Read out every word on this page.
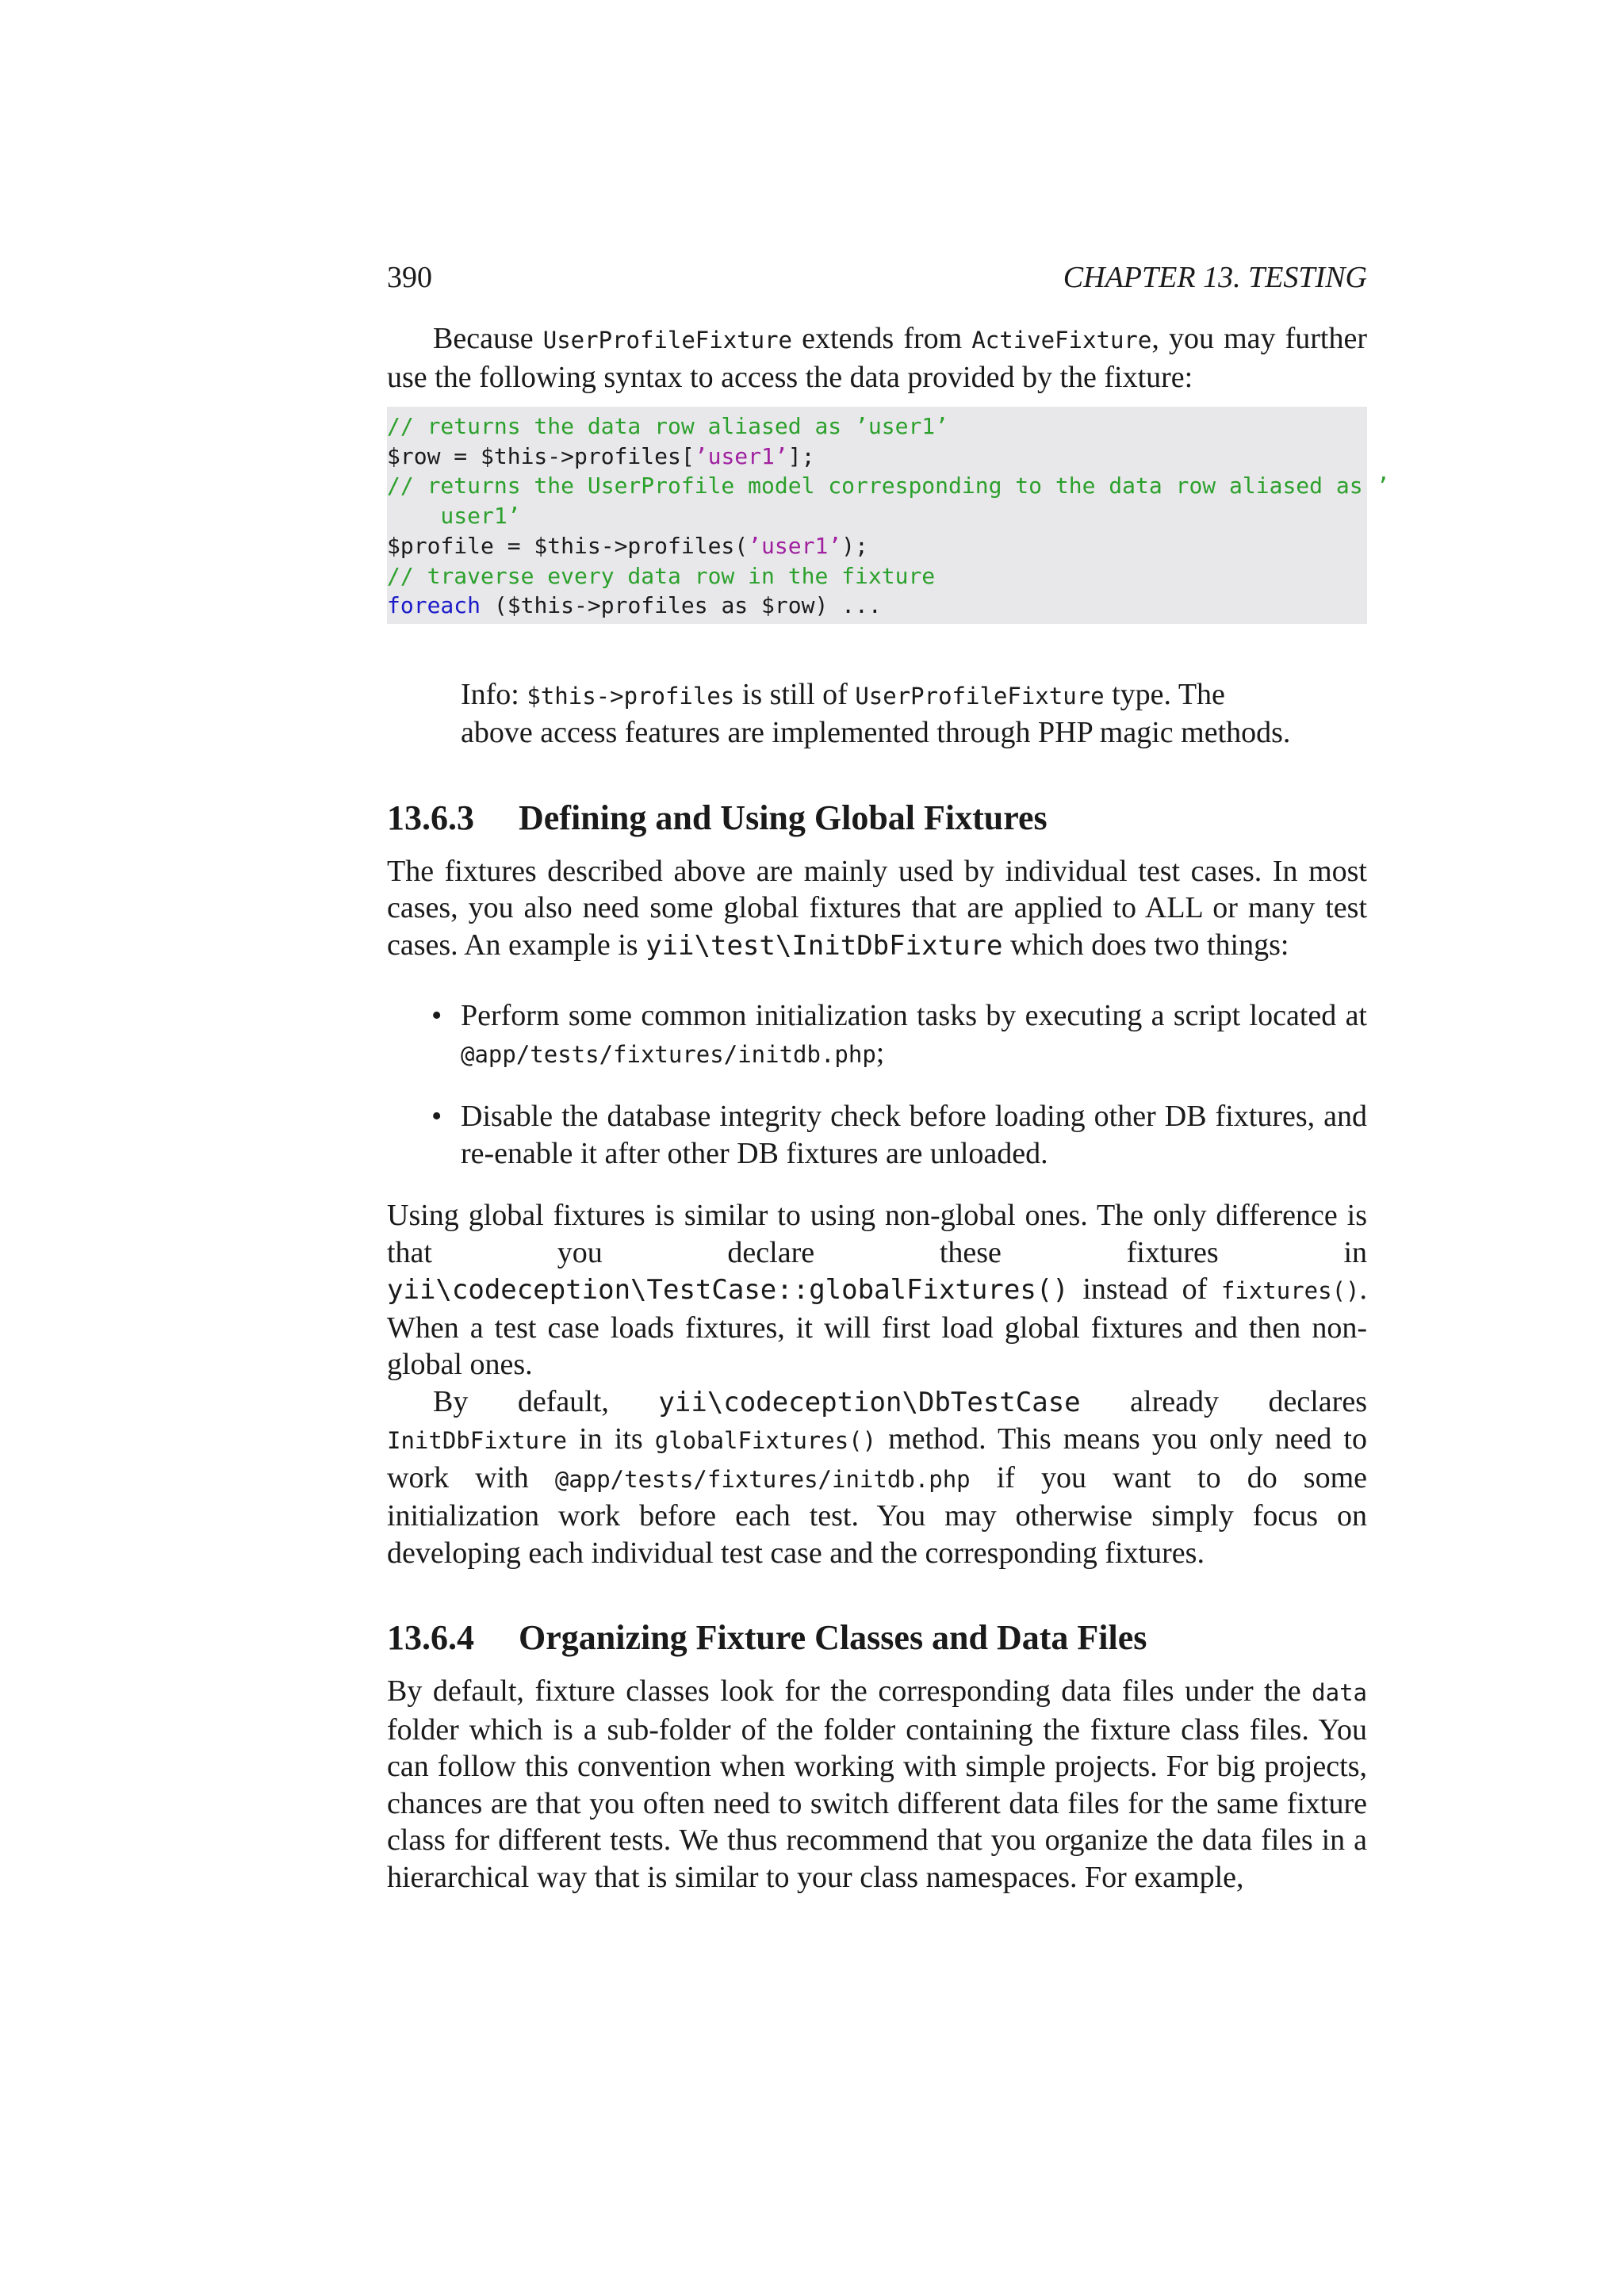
390	CHAPTER 13. TESTING

Because UserProfileFixture extends from ActiveFixture, you may further use the following syntax to access the data provided by the fixture:

// returns the data row aliased as ’user1’
$row = $this->profiles[’user1’];
// returns the UserProfile model corresponding to the data row aliased as ’
user1’
$profile = $this->profiles(’user1’);
// traverse every data row in the fixture
foreach ($this->profiles as $row) ...
Info: $this->profiles is still of UserProfileFixture type. The above access features are implemented through PHP magic methods.
13.6.3 Defining and Using Global Fixtures

The fixtures described above are mainly used by individual test cases. In most cases, you also need some global fixtures that are applied to ALL or many test cases. An example is yii\test\InitDbFixture which does two things:

• Perform some common initialization tasks by executing a script located at @app/tests/fixtures/initdb.php;
• Disable the database integrity check before loading other DB fixtures, and re-enable it after other DB fixtures are unloaded.

Using global fixtures is similar to using non-global ones. The only difference is that you declare these fixtures in yii\codeception\TestCase::globalFixtures() instead of fixtures(). When a test case loads fixtures, it will first load global fixtures and then non-global ones.

By default, yii\codeception\DbTestCase already declares InitDbFixture in its globalFixtures() method. This means you only need to work with @app/tests/fixtures/initdb.php if you want to do some initialization work before each test. You may otherwise simply focus on developing each individual test case and the corresponding fixtures.

13.6.4 Organizing Fixture Classes and Data Files

By default, fixture classes look for the corresponding data files under the data folder which is a sub-folder of the folder containing the fixture class files. You can follow this convention when working with simple projects. For big projects, chances are that you often need to switch different data files for the same fixture class for different tests. We thus recommend that you organize the data files in a hierarchical way that is similar to your class namespaces. For example,
